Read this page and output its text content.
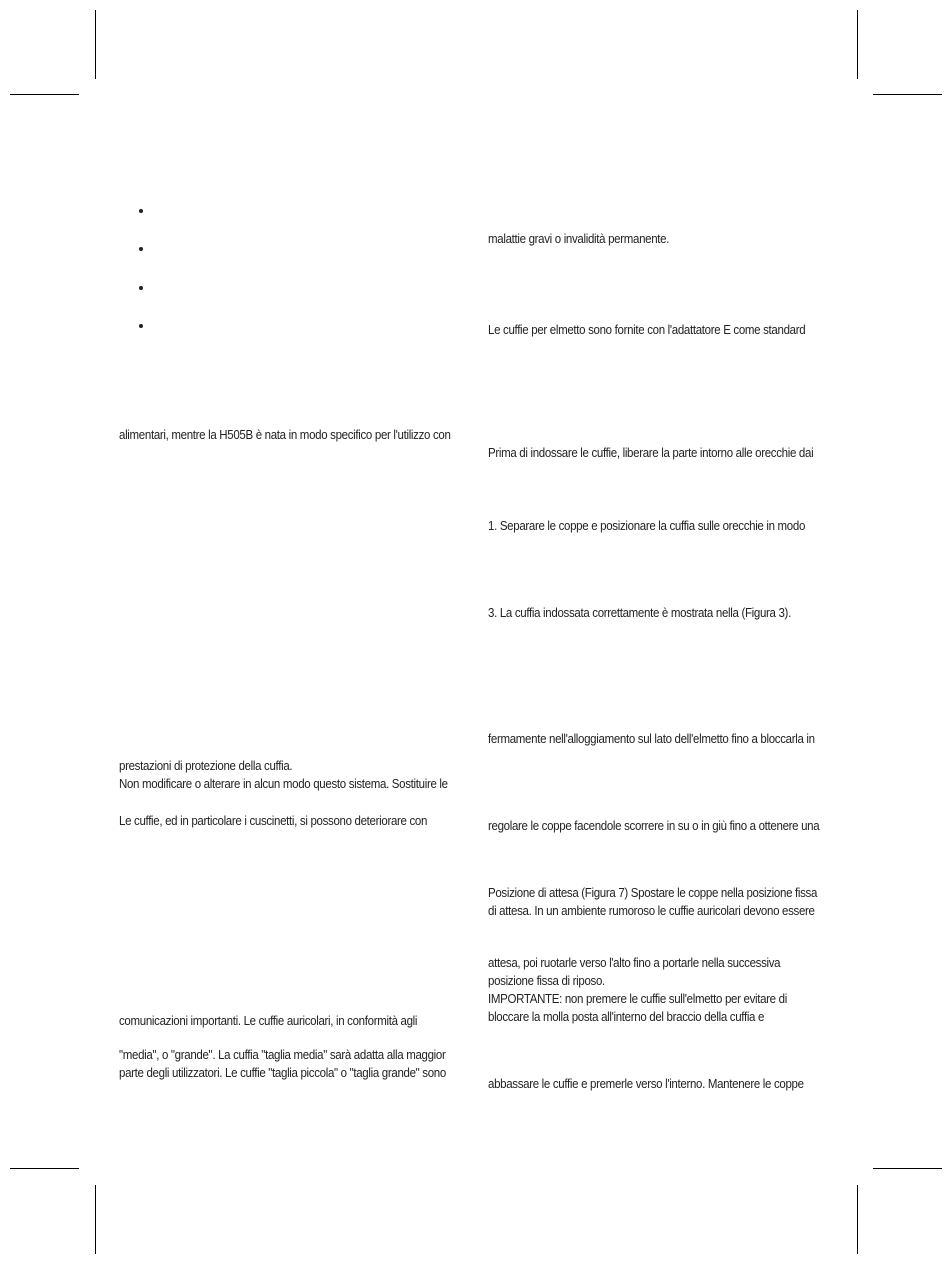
alimentari, mentre la H505B è nata in modo specifico per l'utilizzo con
prestazioni di protezione della cuffia.
Non modificare o alterare in alcun modo questo sistema. Sostituire le
Le cuffie, ed in particolare i cuscinetti, si possono deteriorare con
comunicazioni importanti. Le cuffie auricolari, in conformità agli
"media", o "grande". La cuffia "taglia media" sarà adatta alla maggior
parte degli utilizzatori. Le cuffie "taglia piccola" o "taglia grande" sono
malattie gravi o invalidità permanente.
Le cuffie per elmetto sono fornite con l'adattatore E come standard
Prima di indossare le cuffie, liberare la parte intorno alle orecchie dai
1. Separare le coppe e posizionare la cuffia sulle orecchie in modo
3. La cuffia indossata correttamente è mostrata nella (Figura 3).
fermamente nell'alloggiamento sul lato dell'elmetto fino a bloccarla in
regolare le coppe facendole scorrere in su o in giù fino a ottenere una
Posizione di attesa (Figura 7) Spostare le coppe nella posizione fissa
di attesa. In un ambiente rumoroso le cuffie auricolari devono essere
attesa, poi ruotarle verso l'alto fino a portarle nella successiva
posizione fissa di riposo.
IMPORTANTE: non premere le cuffie sull'elmetto per evitare di
bloccare la molla posta all'interno del braccio della cuffia e
abbassare le cuffie e premerle verso l'interno. Mantenere le coppe
